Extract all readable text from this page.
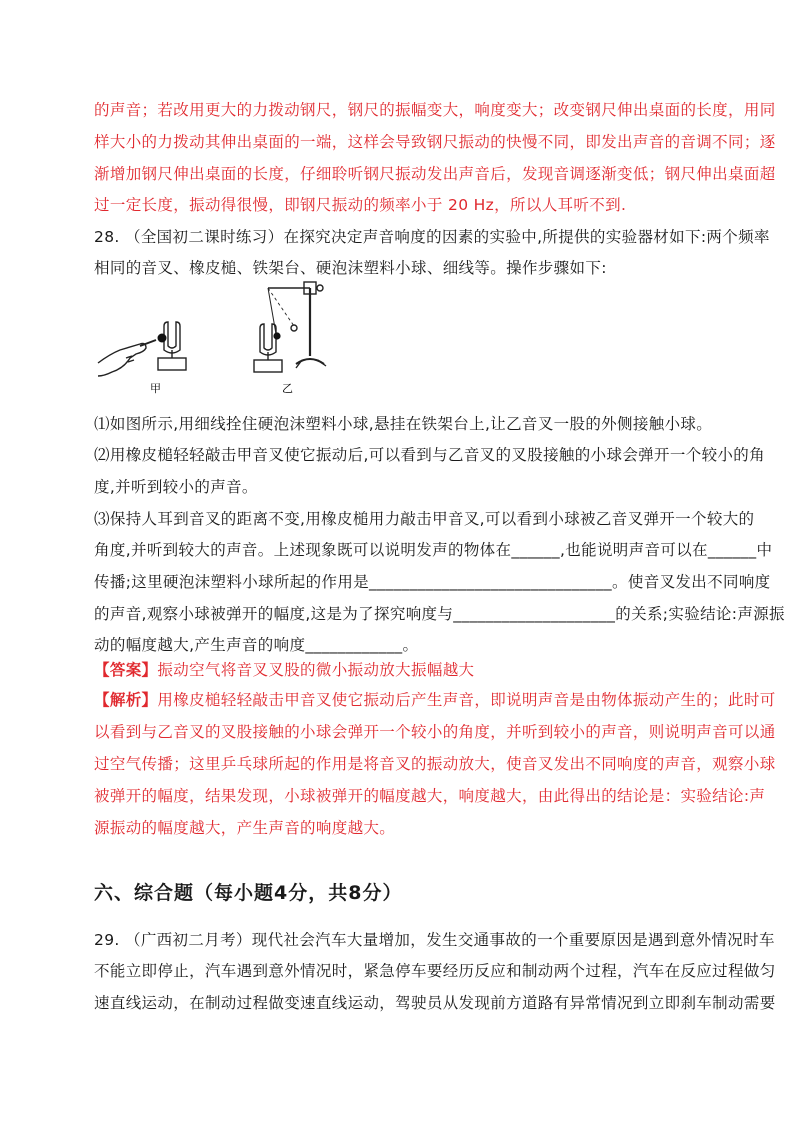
的声音；若改用更大的力拨动钢尺，钢尺的振幅变大，响度变大；改变钢尺伸出桌面的长度，用同
样大小的力拨动其伸出桌面的一端，这样会导致钢尺振动的快慢不同，即发出声音的音调不同；逐
渐增加钢尺伸出桌面的长度，仔细聆听钢尺振动发出声音后，发现音调逐渐变低；钢尺伸出桌面超
过一定长度，振动得很慢，即钢尺振动的频率小于 20 Hz，所以人耳听不到.
28. （全国初二课时练习）在探究决定声音响度的因素的实验中,所提供的实验器材如下:两个频率
相同的音叉、橡皮槌、铁架台、硬泡沫塑料小球、细线等。操作步骤如下:
甲	乙
⑴如图所示,用细线拴住硬泡沫塑料小球,悬挂在铁架台上,让乙音叉一股的外侧接触小球。
⑵用橡皮槌轻轻敲击甲音叉使它振动后,可以看到与乙音叉的叉股接触的小球会弹开一个较小的角
度,并听到较小的声音。
⑶保持人耳到音叉的距离不变,用橡皮槌用力敲击甲音叉,可以看到小球被乙音叉弹开一个较大的
角度,并听到较大的声音。上述现象既可以说明发声的物体在______,也能说明声音可以在______中
传播;这里硬泡沫塑料小球所起的作用是______________________________。使音叉发出不同响度
的声音,观察小球被弹开的幅度,这是为了探究响度与____________________的关系;实验结论:声源振
动的幅度越大,产生声音的响度____________。
【答案】振动空气将音叉叉股的微小振动放大振幅越大
【解析】用橡皮槌轻轻敲击甲音叉使它振动后产生声音，即说明声音是由物体振动产生的；此时可
以看到与乙音叉的叉股接触的小球会弹开一个较小的角度，并听到较小的声音，则说明声音可以通
过空气传播；这里乒乓球所起的作用是将音叉的振动放大，使音叉发出不同响度的声音，观察小球
被弹开的幅度，结果发现，小球被弹开的幅度越大，响度越大，由此得出的结论是：实验结论:声
源振动的幅度越大，产生声音的响度越大。
六、综合题（每小题4分，共8分）
29. （广西初二月考）现代社会汽车大量增加，发生交通事故的一个重要原因是遇到意外情况时车
不能立即停止，汽车遇到意外情况时，紧急停车要经历反应和制动两个过程，汽车在反应过程做匀
速直线运动，在制动过程做变速直线运动，驾驶员从发现前方道路有异常情况到立即刹车制动需要
